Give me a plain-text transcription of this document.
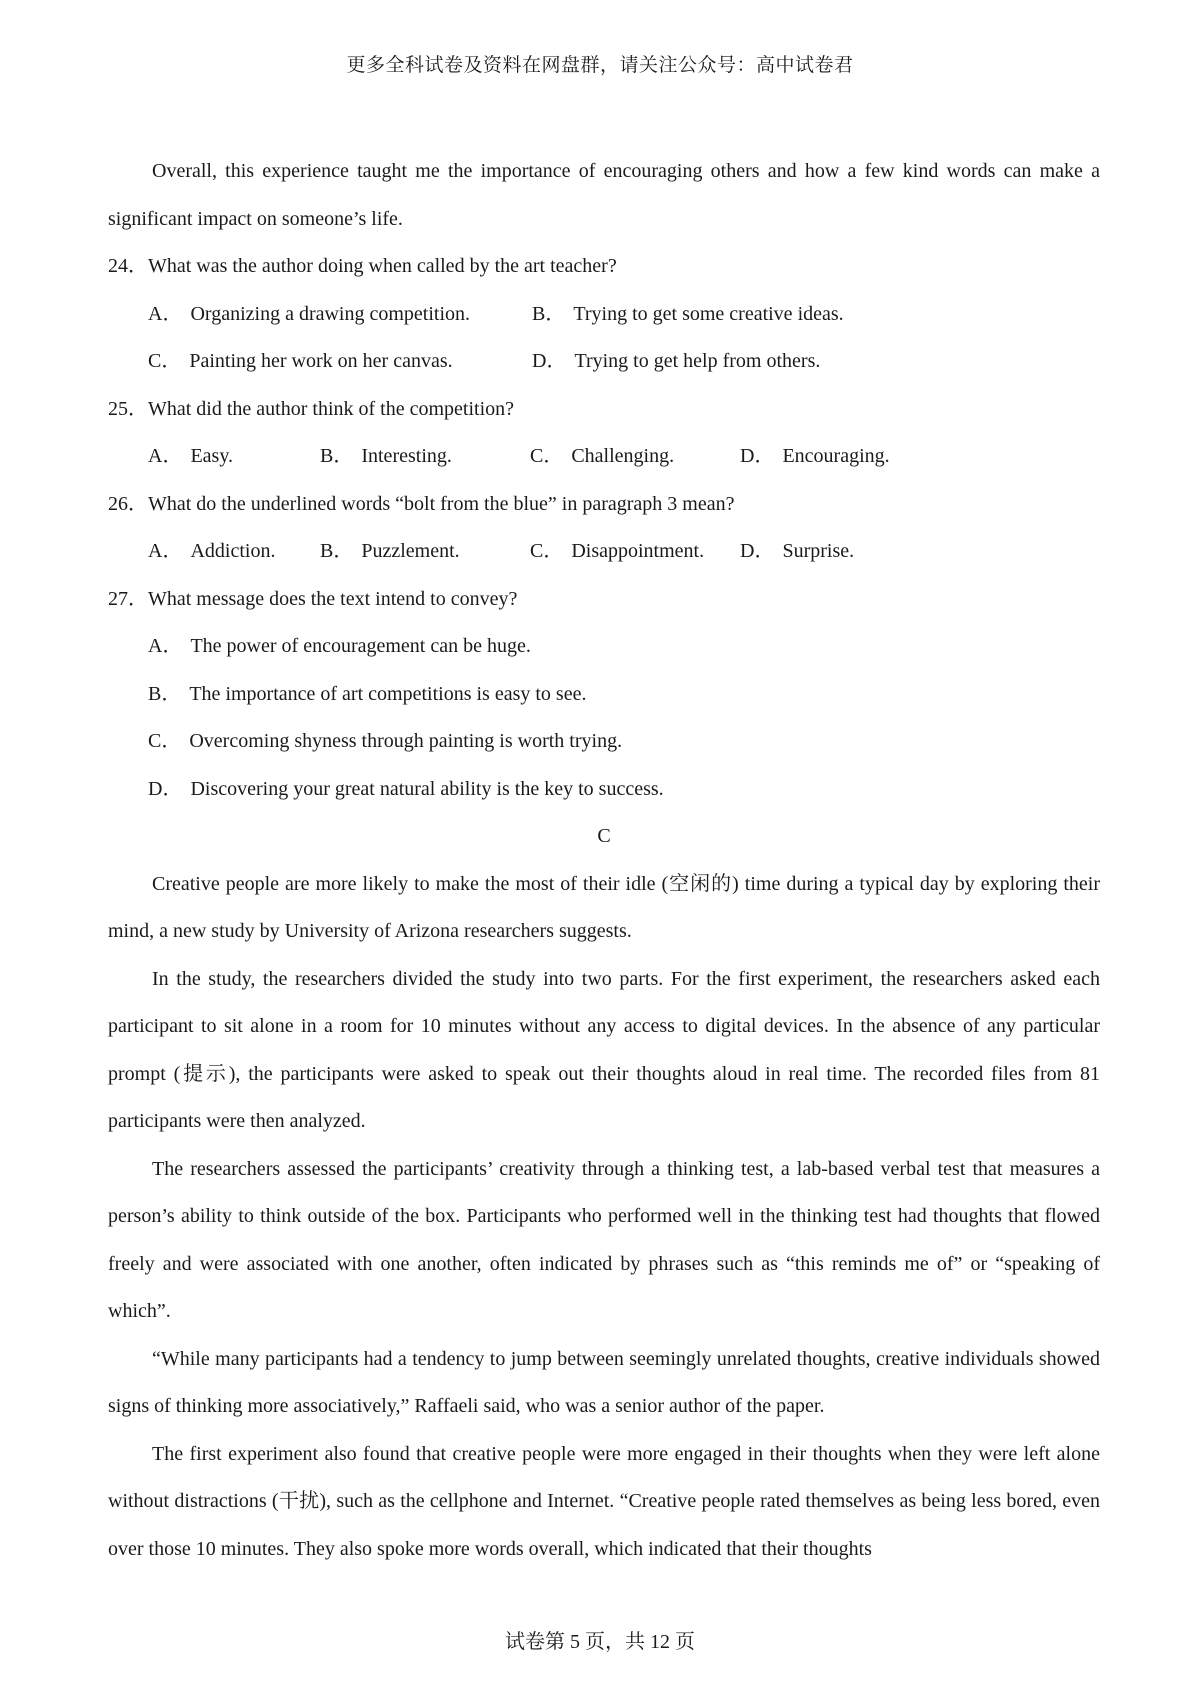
更多全科试卷及资料在网盘群，请关注公众号：高中试卷君

Overall, this experience taught me the importance of encouraging others and how a few kind words can make a significant impact on someone’s life.

24．What was the author doing when called by the art teacher?

A． Organizing a drawing competition.	B． Trying to get some creative ideas.
C． Painting her work on her canvas.	D． Trying to get help from others.

25．What did the author think of the competition?

A． Easy.	B． Interesting.	C． Challenging.	D． Encouraging.

26．What do the underlined words “bolt from the blue” in paragraph 3 mean?

A． Addiction.	B． Puzzlement.	C． Disappointment.	D． Surprise.

27．What message does the text intend to convey?

A． The power of encouragement can be huge.

B． The importance of art competitions is easy to see.

C． Overcoming shyness through painting is worth trying.

D． Discovering your great natural ability is the key to success.

C

Creative people are more likely to make the most of their idle (空闲的) time during a typical day by exploring their mind, a new study by University of Arizona researchers suggests.

In the study, the researchers divided the study into two parts. For the first experiment, the researchers asked each participant to sit alone in a room for 10 minutes without any access to digital devices. In the absence of any particular prompt (提示), the participants were asked to speak out their thoughts aloud in real time. The recorded files from 81 participants were then analyzed.

The researchers assessed the participants’ creativity through a thinking test, a lab-based verbal test that measures a person’s ability to think outside of the box. Participants who performed well in the thinking test had thoughts that flowed freely and were associated with one another, often indicated by phrases such as “this reminds me of” or “speaking of which”.

“While many participants had a tendency to jump between seemingly unrelated thoughts, creative individuals showed signs of thinking more associatively,” Raffaeli said, who was a senior author of the paper.

The first experiment also found that creative people were more engaged in their thoughts when they were left alone without distractions (干扰), such as the cellphone and Internet. “Creative people rated themselves as being less bored, even over those 10 minutes. They also spoke more words overall, which indicated that their thoughts

试卷第 5 页，共 12 页
